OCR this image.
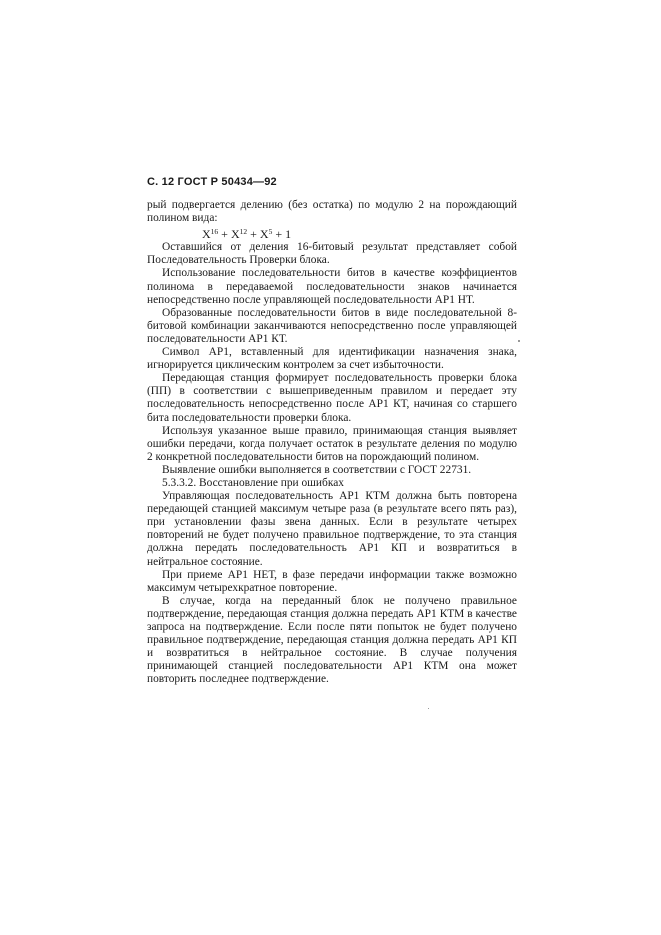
С. 12 ГОСТ Р 50434—92

рый подвергается делению (без остатка) по модулю 2 на порождающий полином вида:

$X^{16} + X^{12} + X^5 + 1$

Оставшийся от деления 16-битовый результат представляет собой Последовательность Проверки блока.

Использование последовательности битов в качестве коэффициентов полинома в передаваемой последовательности знаков начинается непосредственно после управляющей последовательности АР1 НТ.

Образованные последовательности битов в виде последовательной 8-битовой комбинации заканчиваются непосредственно после управляющей последовательности АР1 КТ.

Символ АР1, вставленный для идентификации назначения знака, игнорируется циклическим контролем за счет избыточности.

Передающая станция формирует последовательность проверки блока (ПП) в соответствии с вышеприведенным правилом и передает эту последовательность непосредственно после АР1 КТ, начиная со старшего бита последовательности проверки блока.

Используя указанное выше правило, принимающая станция выявляет ошибки передачи, когда получает остаток в результате деления по модулю 2 конкретной последовательности битов на порождающий полином.

Выявление ошибки выполняется в соответствии с ГОСТ 22731.

5.3.3.2. Восстановление при ошибках

Управляющая последовательность АР1 КТМ должна быть повторена передающей станцией максимум четыре раза (в результате всего пять раз), при установлении фазы звена данных. Если в результате четырех повторений не будет получено правильное подтверждение, то эта станция должна передать последовательность АР1 КП и возвратиться в нейтральное состояние.

При приеме АР1 НЕТ, в фазе передачи информации также возможно максимум четырехкратное повторение.

В случае, когда на переданный блок не получено правильное подтверждение, передающая станция должна передать АР1 КТМ в качестве запроса на подтверждение. Если после пяти попыток не будет получено правильное подтверждение, передающая станция должна передать АР1 КП и возвратиться в нейтральное состояние. В случае получения принимающей станцией последовательности АР1 КТМ она может повторить последнее подтверждение.
